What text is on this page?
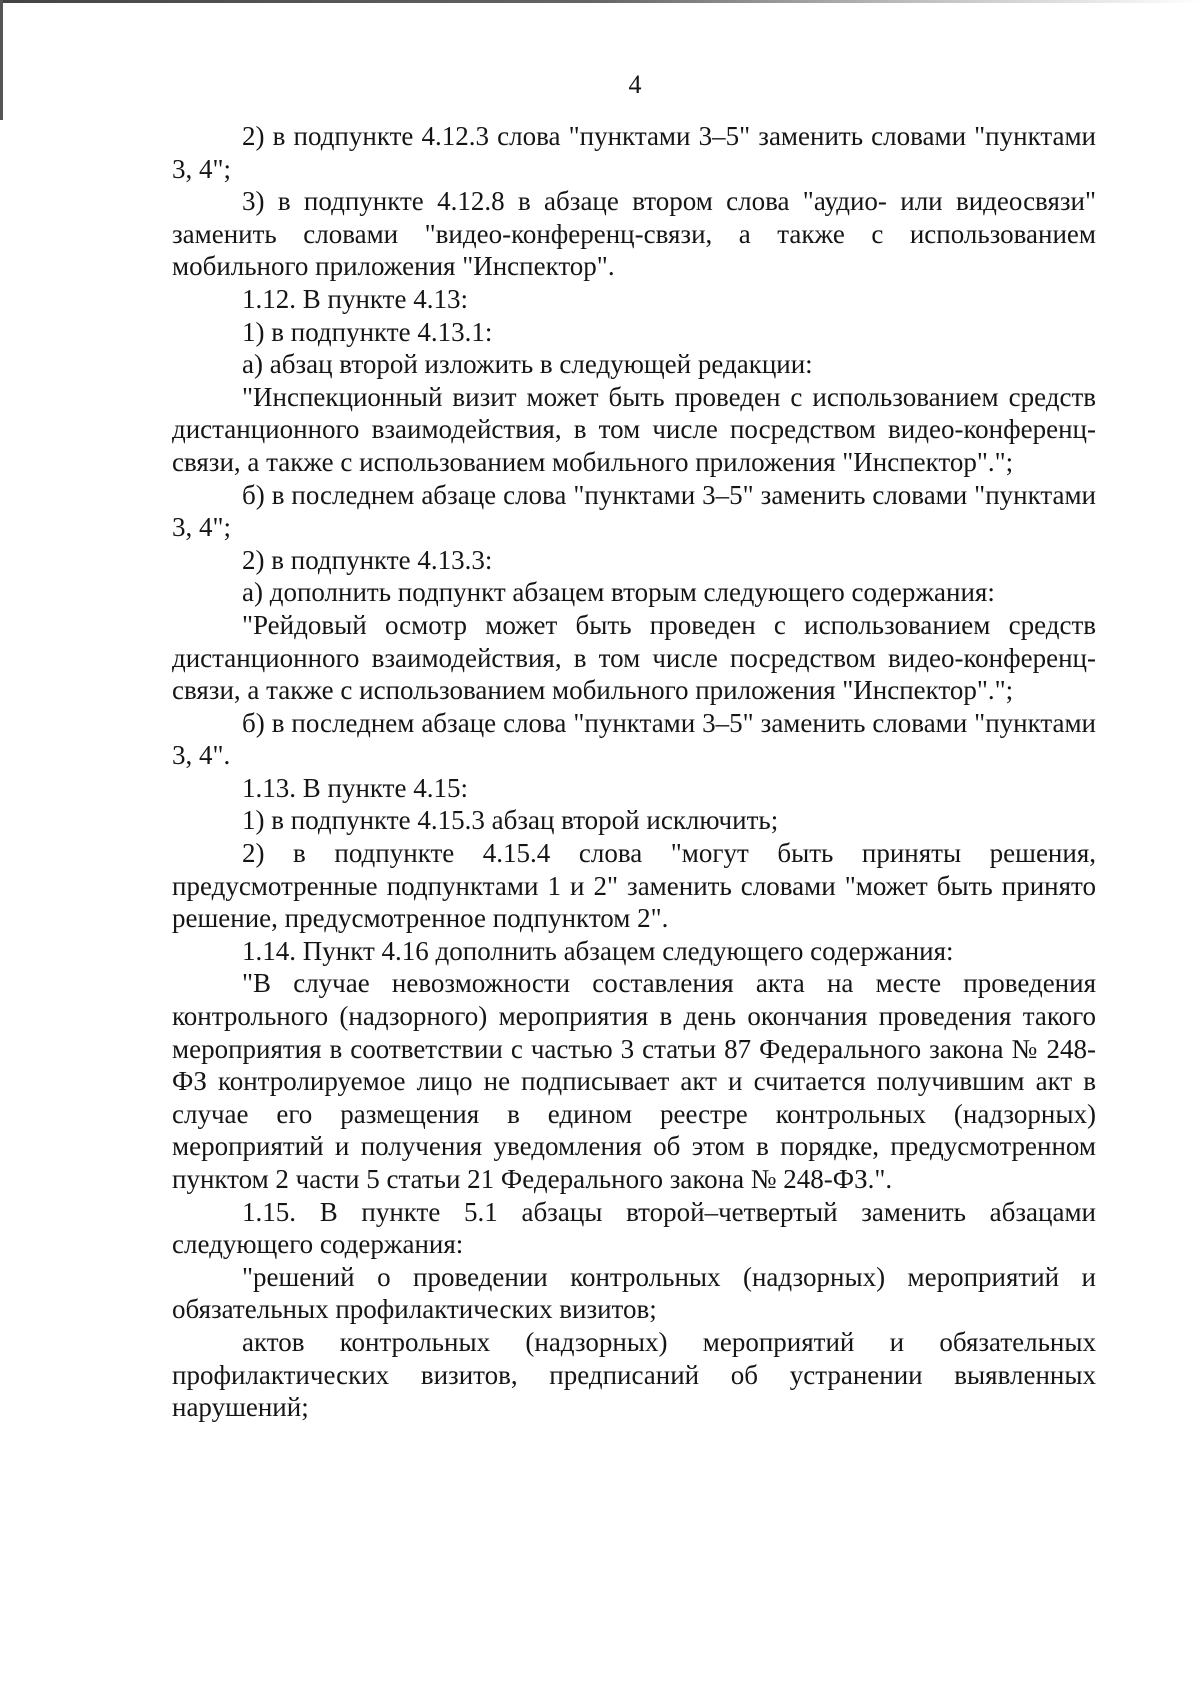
4

2) в подпункте 4.12.3 слова "пунктами 3–5" заменить словами "пунктами 3, 4";

3) в подпункте 4.12.8 в абзаце втором слова "аудио- или видеосвязи" заменить словами "видео-конференц-связи, а также с использованием мобильного приложения "Инспектор".

1.12. В пункте 4.13:

1) в подпункте 4.13.1:

а) абзац второй изложить в следующей редакции:

"Инспекционный визит может быть проведен с использованием средств дистанционного взаимодействия, в том числе посредством видео-конференц-связи, а также с использованием мобильного приложения "Инспектор".";

б) в последнем абзаце слова "пунктами 3–5" заменить словами "пунктами 3, 4";

2) в подпункте 4.13.3:

а) дополнить подпункт абзацем вторым следующего содержания:

"Рейдовый осмотр может быть проведен с использованием средств дистанционного взаимодействия, в том числе посредством видео-конференц-связи, а также с использованием мобильного приложения "Инспектор".";

б) в последнем абзаце слова "пунктами 3–5" заменить словами "пунктами 3, 4".

1.13. В пункте 4.15:

1) в подпункте 4.15.3 абзац второй исключить;

2) в подпункте 4.15.4 слова "могут быть приняты решения, предусмотренные подпунктами 1 и 2" заменить словами "может быть принято решение, предусмотренное подпунктом 2".

1.14. Пункт 4.16 дополнить абзацем следующего содержания:

"В случае невозможности составления акта на месте проведения контрольного (надзорного) мероприятия в день окончания проведения такого мероприятия в соответствии с частью 3 статьи 87 Федерального закона № 248-ФЗ контролируемое лицо не подписывает акт и считается получившим акт в случае его размещения в едином реестре контрольных (надзорных) мероприятий и получения уведомления об этом в порядке, предусмотренном пунктом 2 части 5 статьи 21 Федерального закона № 248-ФЗ.".

1.15. В пункте 5.1 абзацы второй–четвертый заменить абзацами следующего содержания:

"решений о проведении контрольных (надзорных) мероприятий и обязательных профилактических визитов;

актов контрольных (надзорных) мероприятий и обязательных профилактических визитов, предписаний об устранении выявленных нарушений;
